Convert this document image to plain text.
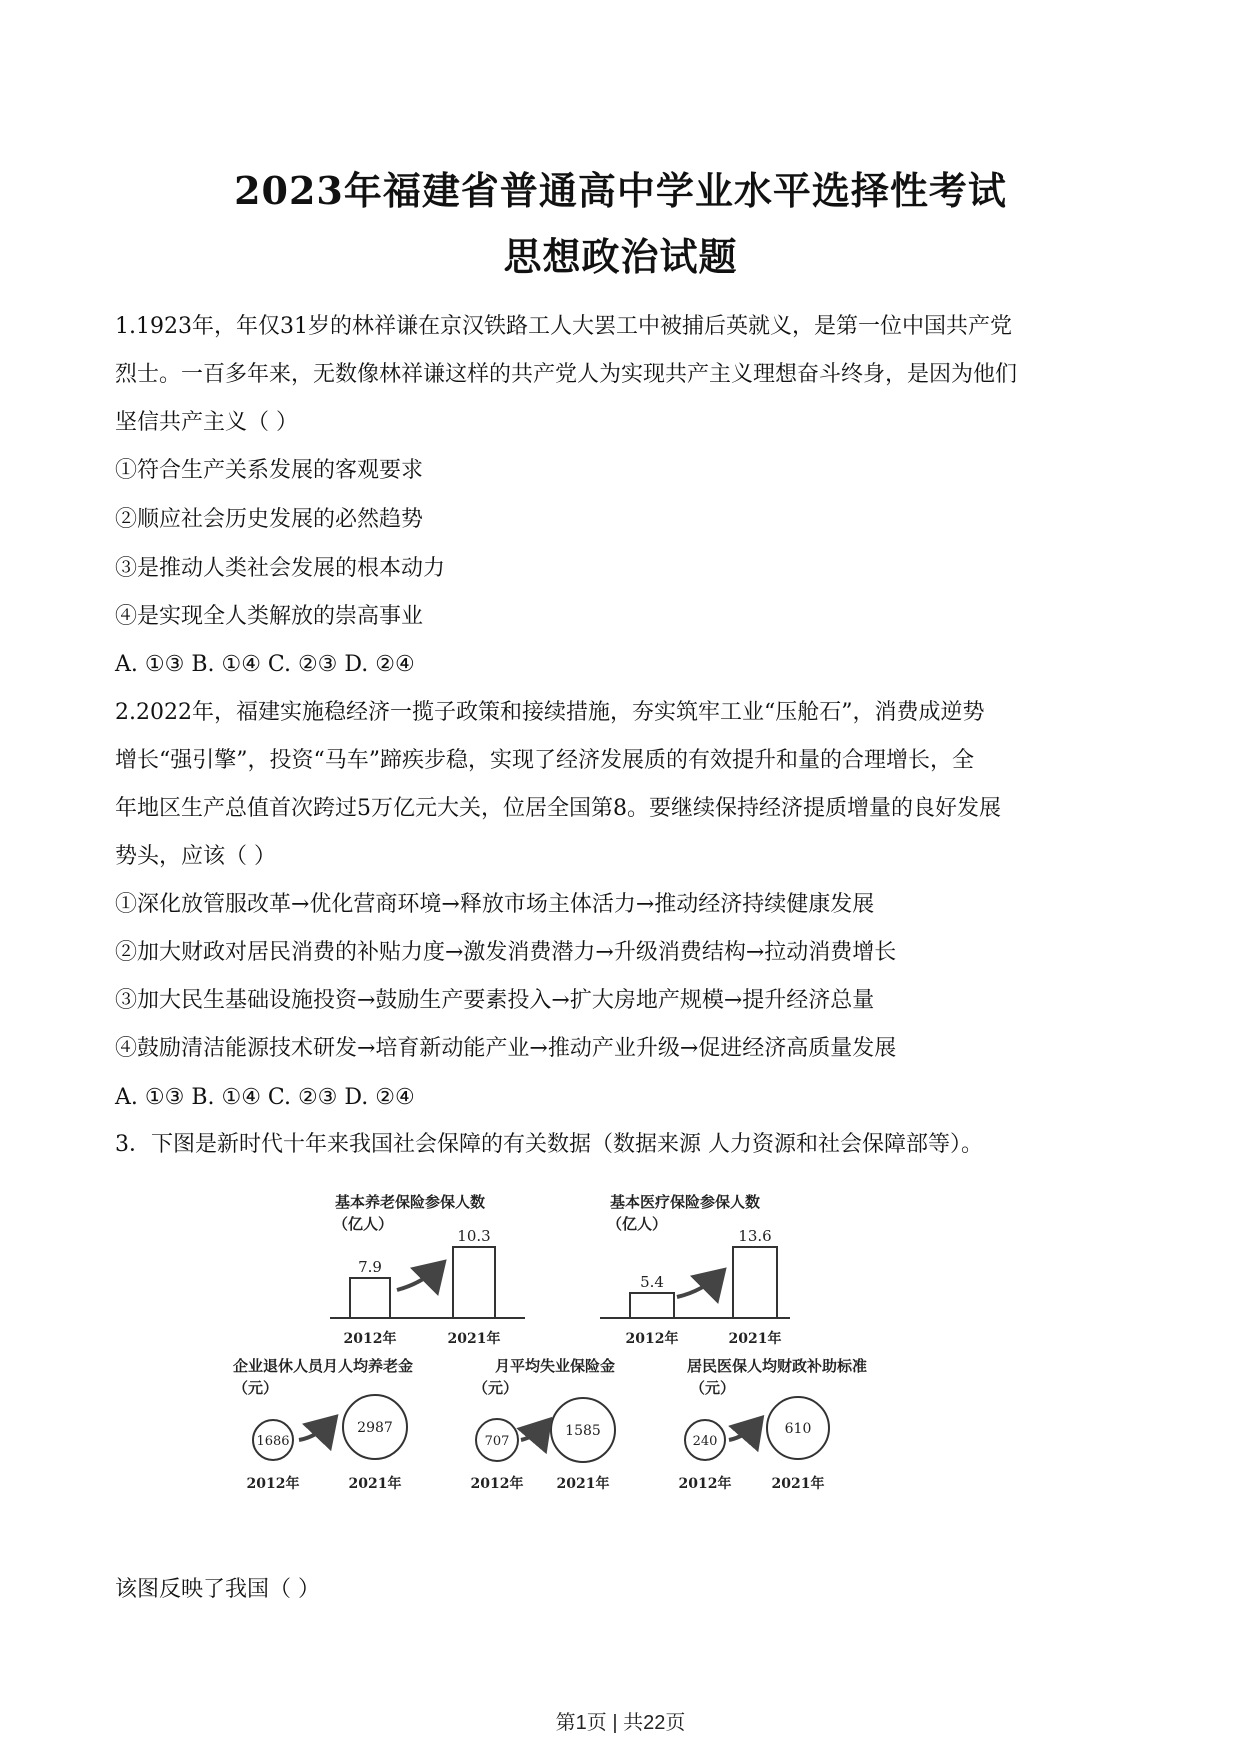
2023年福建省普通高中学业水平选择性考试
思想政治试题
1.1923年，年仅31岁的林祥谦在京汉铁路工人大罢工中被捕后英就义，是第一位中国共产党
烈士。一百多年来，无数像林祥谦这样的共产党人为实现共产主义理想奋斗终身，是因为他们
坚信共产主义（ ）
①符合生产关系发展的客观要求
②顺应社会历史发展的必然趋势
③是推动人类社会发展的根本动力
④是实现全人类解放的崇高事业
A. ①③ B. ①④ C. ②③ D. ②④
2.2022年，福建实施稳经济一揽子政策和接续措施，夯实筑牢工业“压舱石”，消费成逆势
增长“强引擎”，投资“马车”蹄疾步稳，实现了经济发展质的有效提升和量的合理增长，全
年地区生产总值首次跨过5万亿元大关，位居全国第8。要继续保持经济提质增量的良好发展
势头，应该（ ）
①深化放管服改革→优化营商环境→释放市场主体活力→推动经济持续健康发展
②加大财政对居民消费的补贴力度→激发消费潜力→升级消费结构→拉动消费增长
③加大民生基础设施投资→鼓励生产要素投入→扩大房地产规模→提升经济总量
④鼓励清洁能源技术研发→培育新动能产业→推动产业升级→促进经济高质量发展
A. ①③ B. ①④ C. ②③ D. ②④
3．下图是新时代十年来我国社会保障的有关数据（数据来源 人力资源和社会保障部等）。
基本养老保险参保人数
（亿人）
7.9
10.3
2012年	2021年
基本医疗保险参保人数
（亿人）
5.4
13.6
2012年	2021年
企业退休人员月人均养老金
（元）
1686
2987
2012年	2021年
月平均失业保险金
（元）
707
1585
2012年 2021年
居民医保人均财政补助标准
（元）
240
610
2012年	2021年
该图反映了我国（ ）
第1页 | 共22页
